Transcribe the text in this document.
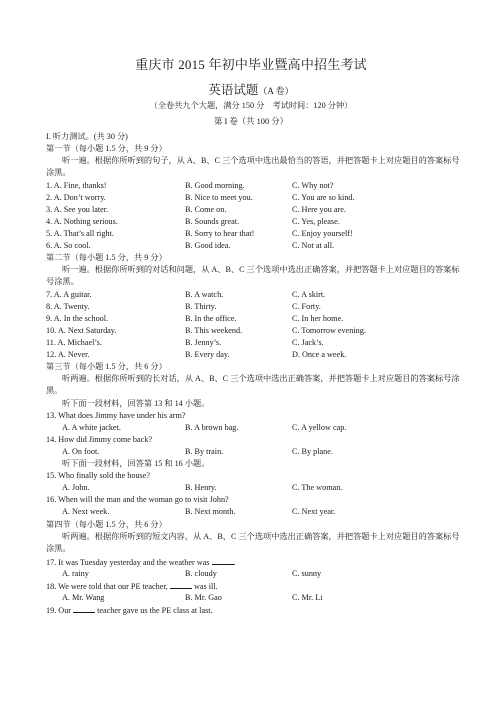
重庆市 2015 年初中毕业暨高中招生考试
英语试题（A 卷）
（全卷共九个大题，满分 150 分　考试时间：120 分钟）
第 I 卷（共 100 分）
I. 听力测试。(共 30 分)
第一节（每小题 1.5 分，共 9 分）
听一遍。根据你所听到的句子，从 A、B、C 三个选项中选出最恰当的答语，并把答题卡上对应题目的答案标号涂黑。
1. A. Fine, thanks!	B. Good morning.	C. Why not?
2. A. Don’t worry.	B. Nice to meet you.	C. You are so kind.
3. A. See you later.	B. Come on.	C. Here you are.
4. A. Nothing serious.	B. Sounds great.	C. Yes, please.
5. A. That’s all right.	B. Sorry to hear that!	C. Enjoy yourself!
6. A. So cool.	B. Good idea.	C. Not at all.
第二节（每小题 1.5 分，共 9 分）
听一遍。根据你所听到的对话和问题，从 A、B、C 三个选项中选出正确答案，并把答题卡上对应题目的答案标号涂黑。
7. A. A guitar.	B. A watch.	C. A skirt.
8. A. Twenty.	B. Thirty.	C. Forty.
9. A. In the school.	B. In the office.	C. In her home.
10. A. Next Saturday.	B. This weekend.	C. Tomorrow evening.
11. A. Michael’s.	B. Jenny’s.	C. Jack’s.
12. A. Never.	B. Every day.	D. Once a week.
第三节（每小题 1.5 分，共 6 分）
听两遍。根据你所听到的长对话，从 A、B、C 三个选项中选出正确答案，并把答题卡上对应题目的答案标号涂黑。
听下面一段材料，回答第 13 和 14 小题。
13. What does Jimmy have under his arm?
A. A white jacket.	B. A brown bag.	C. A yellow cap.
14. How did Jimmy come back?
A. On foot.	B. By train.	C. By plane.
听下面一段材料，回答第 15 和 16 小题。
15. Who finally sold the house?
A. John.	B. Henry.	C. The woman.
16. When will the man and the woman go to visit John?
A. Next week.	B. Next month.	C. Next year.
第四节（每小题 1.5 分，共 6 分）
听两遍。根据你所听到的短文内容，从 A、B、C 三个选项中选出正确答案，并把答题卡上对应题目的答案标号涂黑。
17. It was Tuesday yesterday and the weather was	.
A. rainy	B. cloudy	C. sunny
18. We were told that our PE teacher,	was ill.
A. Mr. Wang	B. Mr. Gao	C. Mr. Li
19. Our	teacher gave us the PE class at last.
